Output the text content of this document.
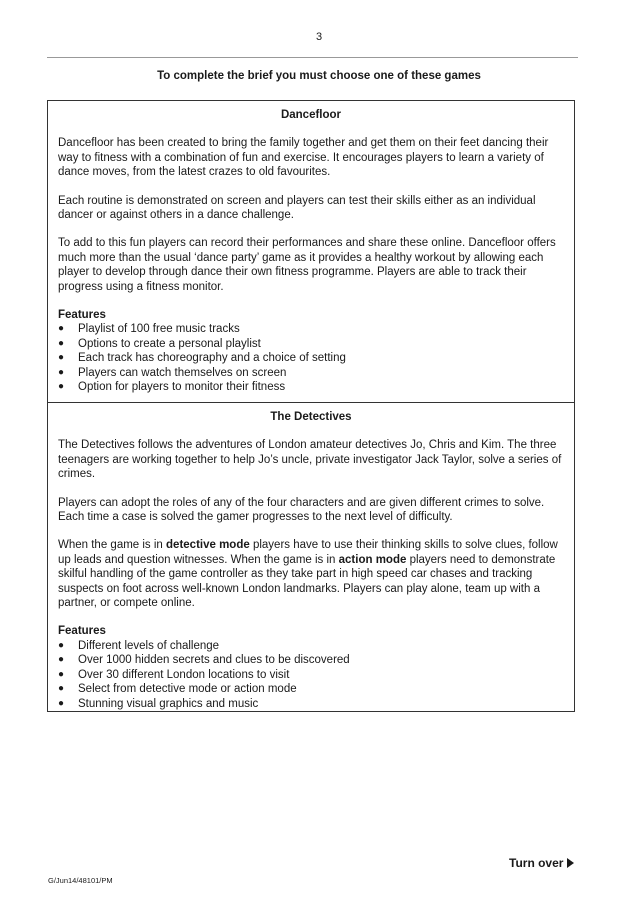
3
To complete the brief you must choose one of these games
Dancefloor

Dancefloor has been created to bring the family together and get them on their feet dancing their way to fitness with a combination of fun and exercise. It encourages players to learn a variety of dance moves, from the latest crazes to old favourites.

Each routine is demonstrated on screen and players can test their skills either as an individual dancer or against others in a dance challenge.

To add to this fun players can record their performances and share these online. Dancefloor offers much more than the usual ‘dance party’ game as it provides a healthy workout by allowing each player to develop through dance their own fitness programme. Players are able to track their progress using a fitness monitor.

Features
● Playlist of 100 free music tracks
● Options to create a personal playlist
● Each track has choreography and a choice of setting
● Players can watch themselves on screen
● Option for players to monitor their fitness
The Detectives

The Detectives follows the adventures of London amateur detectives Jo, Chris and Kim. The three teenagers are working together to help Jo’s uncle, private investigator Jack Taylor, solve a series of crimes.

Players can adopt the roles of any of the four characters and are given different crimes to solve. Each time a case is solved the gamer progresses to the next level of difficulty.

When the game is in detective mode players have to use their thinking skills to solve clues, follow up leads and question witnesses. When the game is in action mode players need to demonstrate skilful handling of the game controller as they take part in high speed car chases and tracking suspects on foot across well-known London landmarks. Players can play alone, team up with a partner, or compete online.

Features
● Different levels of challenge
● Over 1000 hidden secrets and clues to be discovered
● Over 30 different London locations to visit
● Select from detective mode or action mode
● Stunning visual graphics and music
Turn over
G/Jun14/48101/PM
